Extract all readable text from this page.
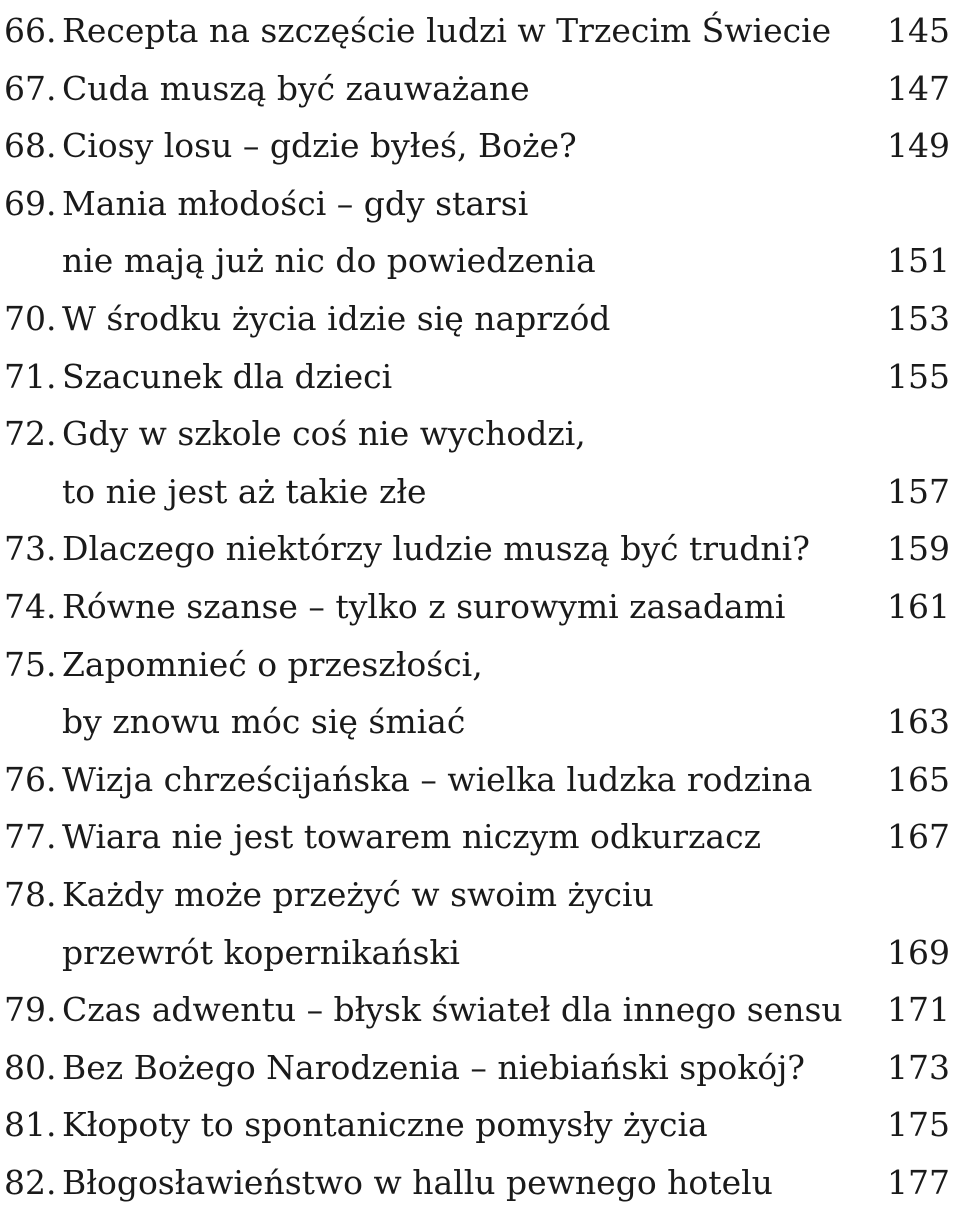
66. Recepta na szczęście ludzi w Trzecim Świecie 145
67. Cuda muszą być zauważane	147
68. Ciosy losu – gdzie byłeś, Boże?	149
69. Mania młodości – gdy starsi
nie mają już nic do powiedzenia	151
70. W środku życia idzie się naprzód	153
71. Szacunek dla dzieci	155
72. Gdy w szkole coś nie wychodzi,
to nie jest aż takie złe	157
73. Dlaczego niektórzy ludzie muszą być trudni? 159
74. Równe szanse – tylko z surowymi zasadami	161
75. Zapomnieć o przeszłości,
by znowu móc się śmiać	163
76. Wizja chrześcijańska – wielka ludzka rodzina 165
77. Wiara nie jest towarem niczym odkurzacz	167
78. Każdy może przeżyć w swoim życiu
przewrót kopernikański	169
79. Czas adwentu – błysk świateł dla innego sensu 171
80. Bez Bożego Narodzenia – niebiański spokój? 173
81. Kłopoty to spontaniczne pomysły życia	175
82. Błogosławieństwo w hallu pewnego hotelu	177
